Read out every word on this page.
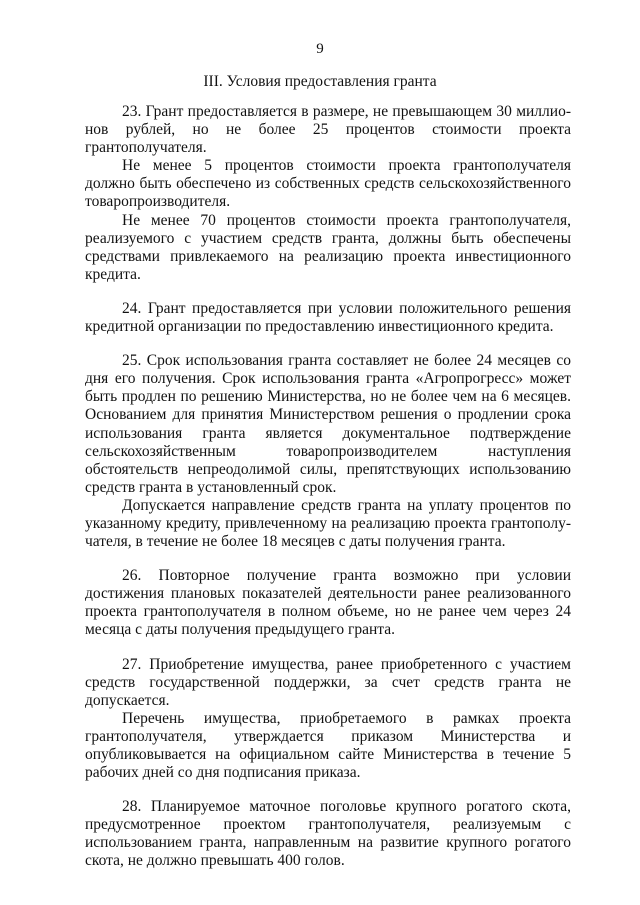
9
III. Условия предоставления гранта

23. Грант предоставляется в размере, не превышающем 30 миллионов рублей, но не более 25 процентов стоимости проекта грантополучателя.

Не менее 5 процентов стоимости проекта грантополучателя должно быть обеспечено из собственных средств сельскохозяйственного товаропроизводителя.

Не менее 70 процентов стоимости проекта грантополучателя, реализуемого с участием средств гранта, должны быть обеспечены средствами привлекаемого на реализацию проекта инвестиционного кредита.

24. Грант предоставляется при условии положительного решения кредитной организации по предоставлению инвестиционного кредита.

25. Срок использования гранта составляет не более 24 месяцев со дня его получения. Срок использования гранта «Агропрогресс» может быть продлен по решению Министерства, но не более чем на 6 месяцев. Основанием для принятия Министерством решения о продлении срока использования гранта является документальное подтверждение сельскохозяйственным товаропроизводителем наступления обстоятельств непреодолимой силы, препятствующих использованию средств гранта в установленный срок.

Допускается направление средств гранта на уплату процентов по указанному кредиту, привлеченному на реализацию проекта грантополучателя, в течение не более 18 месяцев с даты получения гранта.

26. Повторное получение гранта возможно при условии достижения плановых показателей деятельности ранее реализованного проекта грантополучателя в полном объеме, но не ранее чем через 24 месяца с даты получения предыдущего гранта.

27. Приобретение имущества, ранее приобретенного с участием средств государственной поддержки, за счет средств гранта не допускается.

Перечень имущества, приобретаемого в рамках проекта грантополучателя, утверждается приказом Министерства и опубликовывается на официальном сайте Министерства в течение 5 рабочих дней со дня подписания приказа.

28. Планируемое маточное поголовье крупного рогатого скота, предусмотренное проектом грантополучателя, реализуемым с использованием гранта, направленным на развитие крупного рогатого скота, не должно превышать 400 голов.
